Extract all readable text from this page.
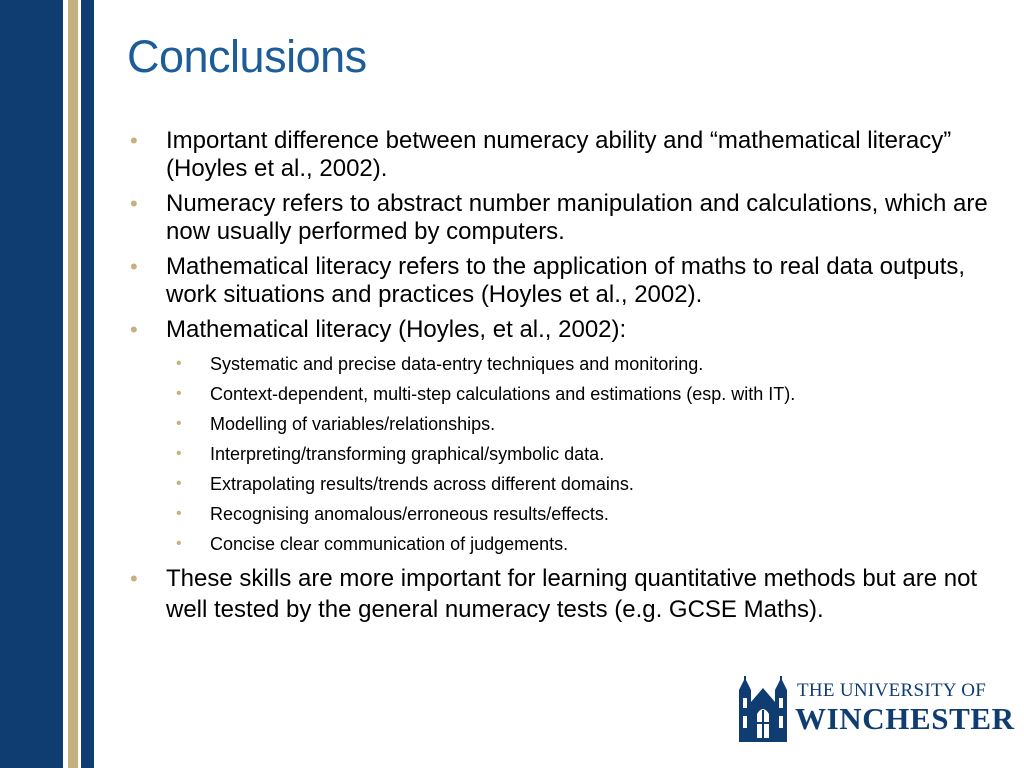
Conclusions
• Important difference between numeracy ability and “mathematical literacy” (Hoyles et al., 2002).
• Numeracy refers to abstract number manipulation and calculations, which are now usually performed by computers.
• Mathematical literacy refers to the application of maths to real data outputs, work situations and practices (Hoyles et al., 2002).
• Mathematical literacy (Hoyles, et al., 2002):
• Systematic and precise data-entry techniques and monitoring.
• Context-dependent, multi-step calculations and estimations (esp. with IT).
• Modelling of variables/relationships.
• Interpreting/transforming graphical/symbolic data.
• Extrapolating results/trends across different domains.
• Recognising anomalous/erroneous results/effects.
• Concise clear communication of judgements.
• These skills are more important for learning quantitative methods but are not well tested by the general numeracy tests (e.g. GCSE Maths).

THE UNIVERSITY OF

WINCHESTER
